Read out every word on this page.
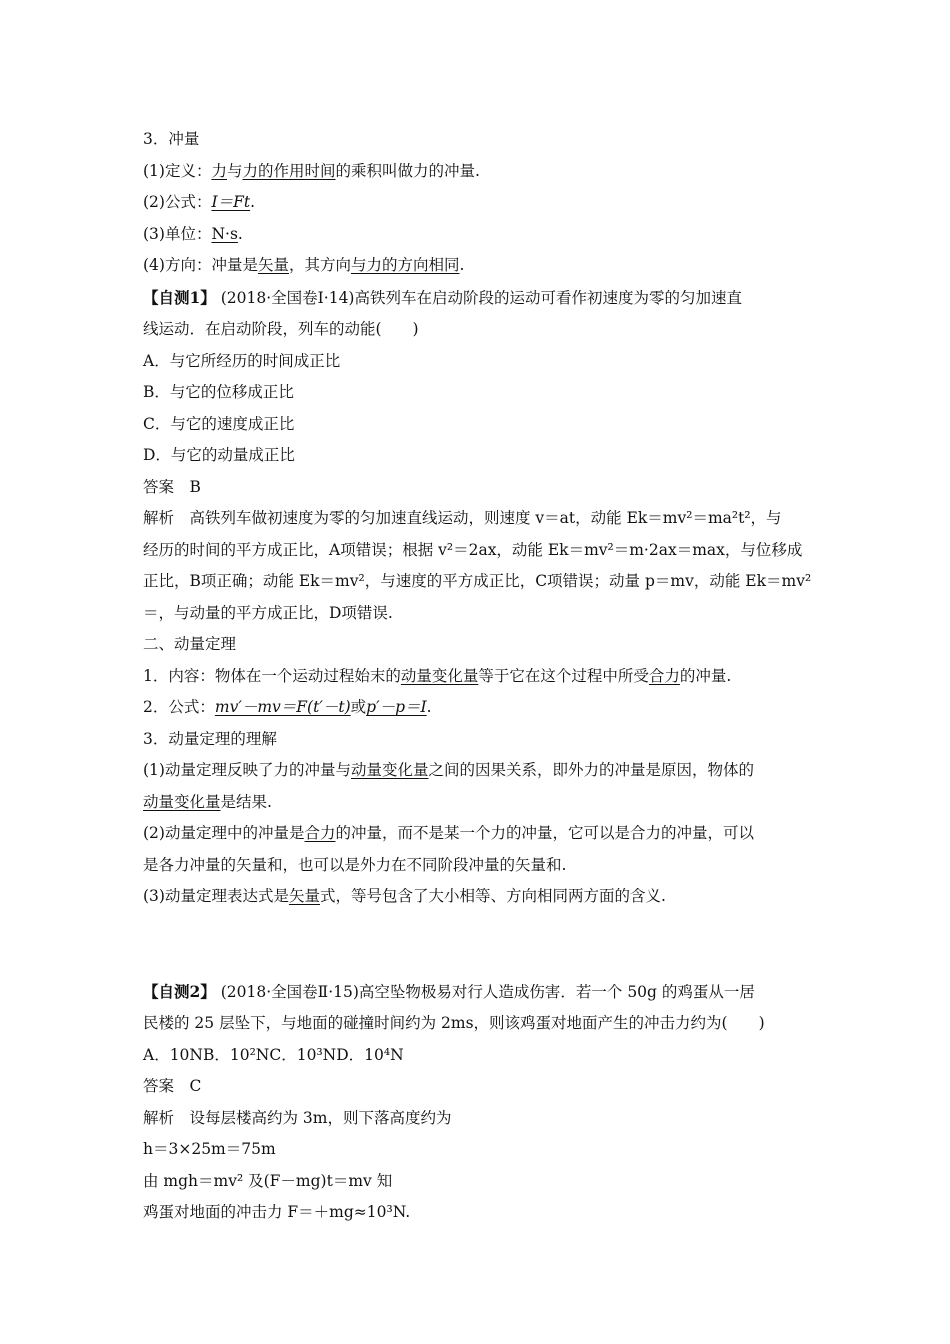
3．冲量
(1)定义：力与力的作用时间的乘积叫做力的冲量.
(2)公式：I＝Ft.
(3)单位：N·s.
(4)方向：冲量是矢量，其方向与力的方向相同.
【自测1】 (2018·全国卷Ⅰ·14)高铁列车在启动阶段的运动可看作初速度为零的匀加速直
线运动．在启动阶段，列车的动能(　　)
A．与它所经历的时间成正比
B．与它的位移成正比
C．与它的速度成正比
D．与它的动量成正比
答案　B
解析　高铁列车做初速度为零的匀加速直线运动，则速度 v＝at，动能 Ek＝mv²＝ma²t²，与
经历的时间的平方成正比，A项错误；根据 v²＝2ax，动能 Ek＝mv²＝m·2ax＝max，与位移成
正比，B项正确；动能 Ek＝mv²，与速度的平方成正比，C项错误；动量 p＝mv，动能 Ek＝mv²
＝，与动量的平方成正比，D项错误.
二、动量定理
1．内容：物体在一个运动过程始末的动量变化量等于它在这个过程中所受合力的冲量.
2．公式：mv′－mv＝F(t′－t)或p′－p＝I.
3．动量定理的理解
(1)动量定理反映了力的冲量与动量变化量之间的因果关系，即外力的冲量是原因，物体的
动量变化量是结果.
(2)动量定理中的冲量是合力的冲量，而不是某一个力的冲量，它可以是合力的冲量，可以
是各力冲量的矢量和，也可以是外力在不同阶段冲量的矢量和.
(3)动量定理表达式是矢量式，等号包含了大小相等、方向相同两方面的含义.
【自测2】 (2018·全国卷Ⅱ·15)高空坠物极易对行人造成伤害．若一个 50g 的鸡蛋从一居
民楼的 25 层坠下，与地面的碰撞时间约为 2ms，则该鸡蛋对地面产生的冲击力约为(　　)
A．10NB．10²NC．10³ND．10⁴N
答案　C
解析　设每层楼高约为 3m，则下落高度约为
h＝3×25m＝75m
由 mgh＝mv² 及(F－mg)t＝mv 知
鸡蛋对地面的冲击力 F＝＋mg≈10³N.
